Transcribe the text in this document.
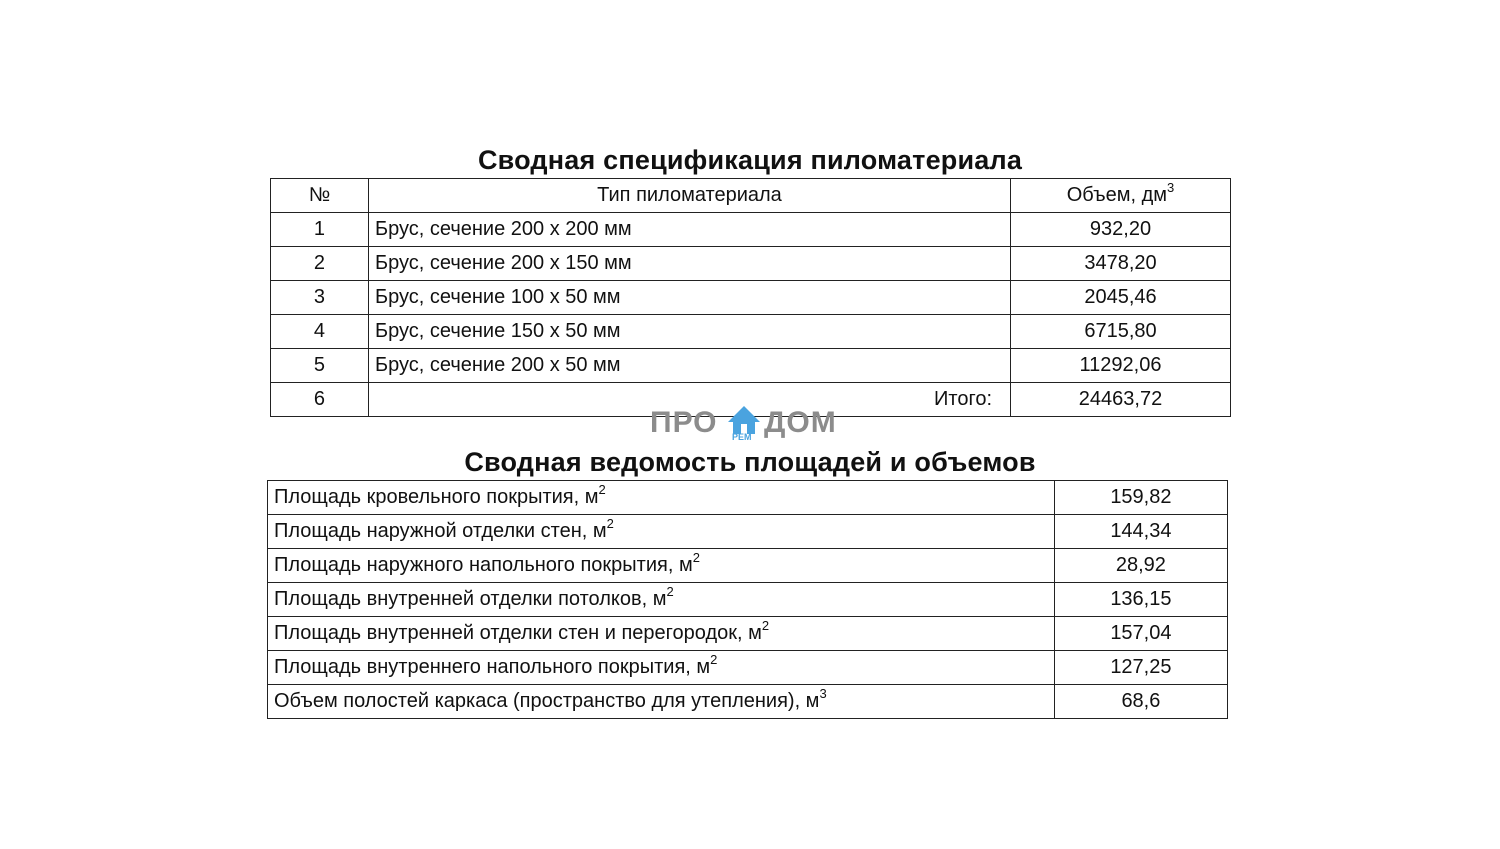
Сводная спецификация пиломатериала
№	Тип пиломатериала	Объем, $дм^3$
1	Брус, сечение 200 х 200 мм	932,20
2	Брус, сечение 200 х 150 мм	3478,20
3	Брус, сечение 100 х 50 мм	2045,46
4	Брус, сечение 150 х 50 мм	6715,80
5	Брус, сечение 200 х 50 мм	11292,06
6	Итого:	24463,72
ПРО РЕМ ДОМ
Сводная ведомость площадей и объемов
Площадь кровельного покрытия, $м^2$	159,82
Площадь наружной отделки стен, $м^2$	144,34
Площадь наружного напольного покрытия, $м^2$	28,92
Площадь внутренней отделки потолков, $м^2$	136,15
Площадь внутренней отделки стен и перегородок, $м^2$	157,04
Площадь внутреннего напольного покрытия, $м^2$	127,25
Объем полостей каркаса (пространство для утепления), $м^3$	68,6
